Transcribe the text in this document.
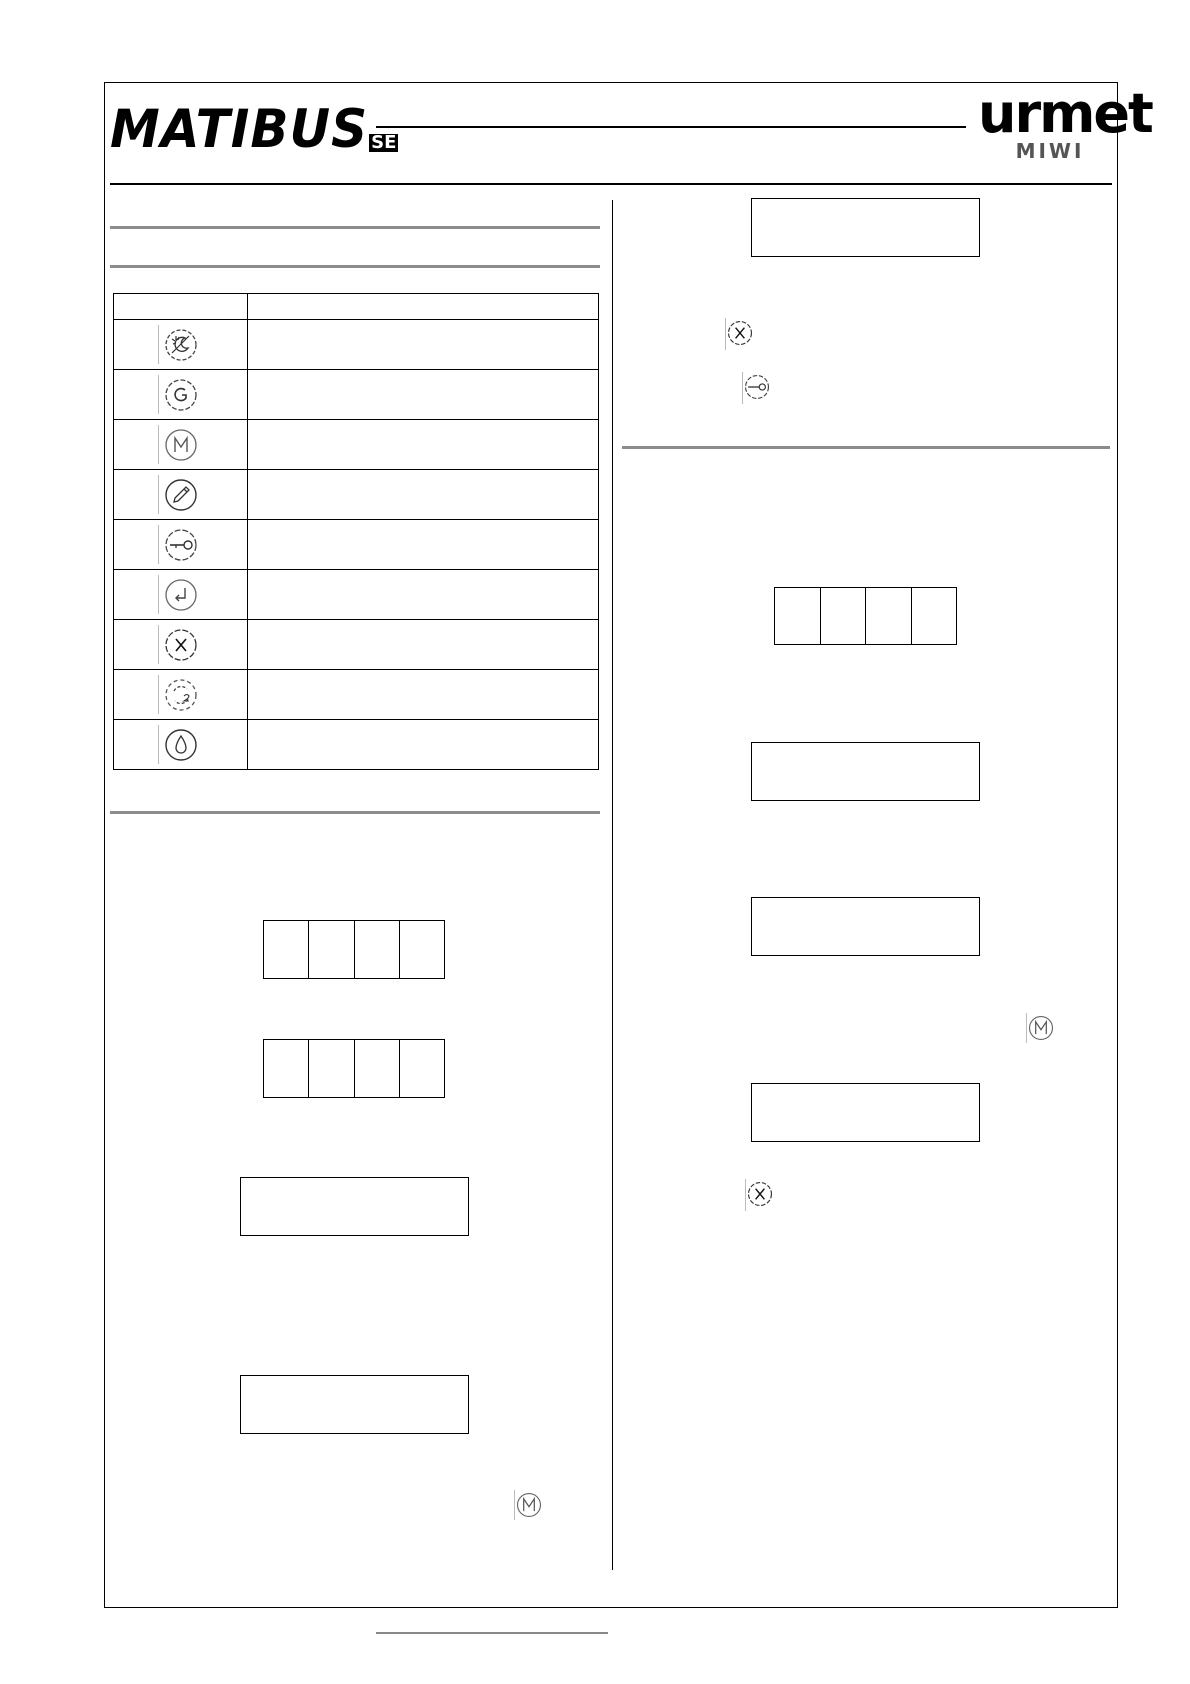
MATIBUS SE	urmet
MIWI
